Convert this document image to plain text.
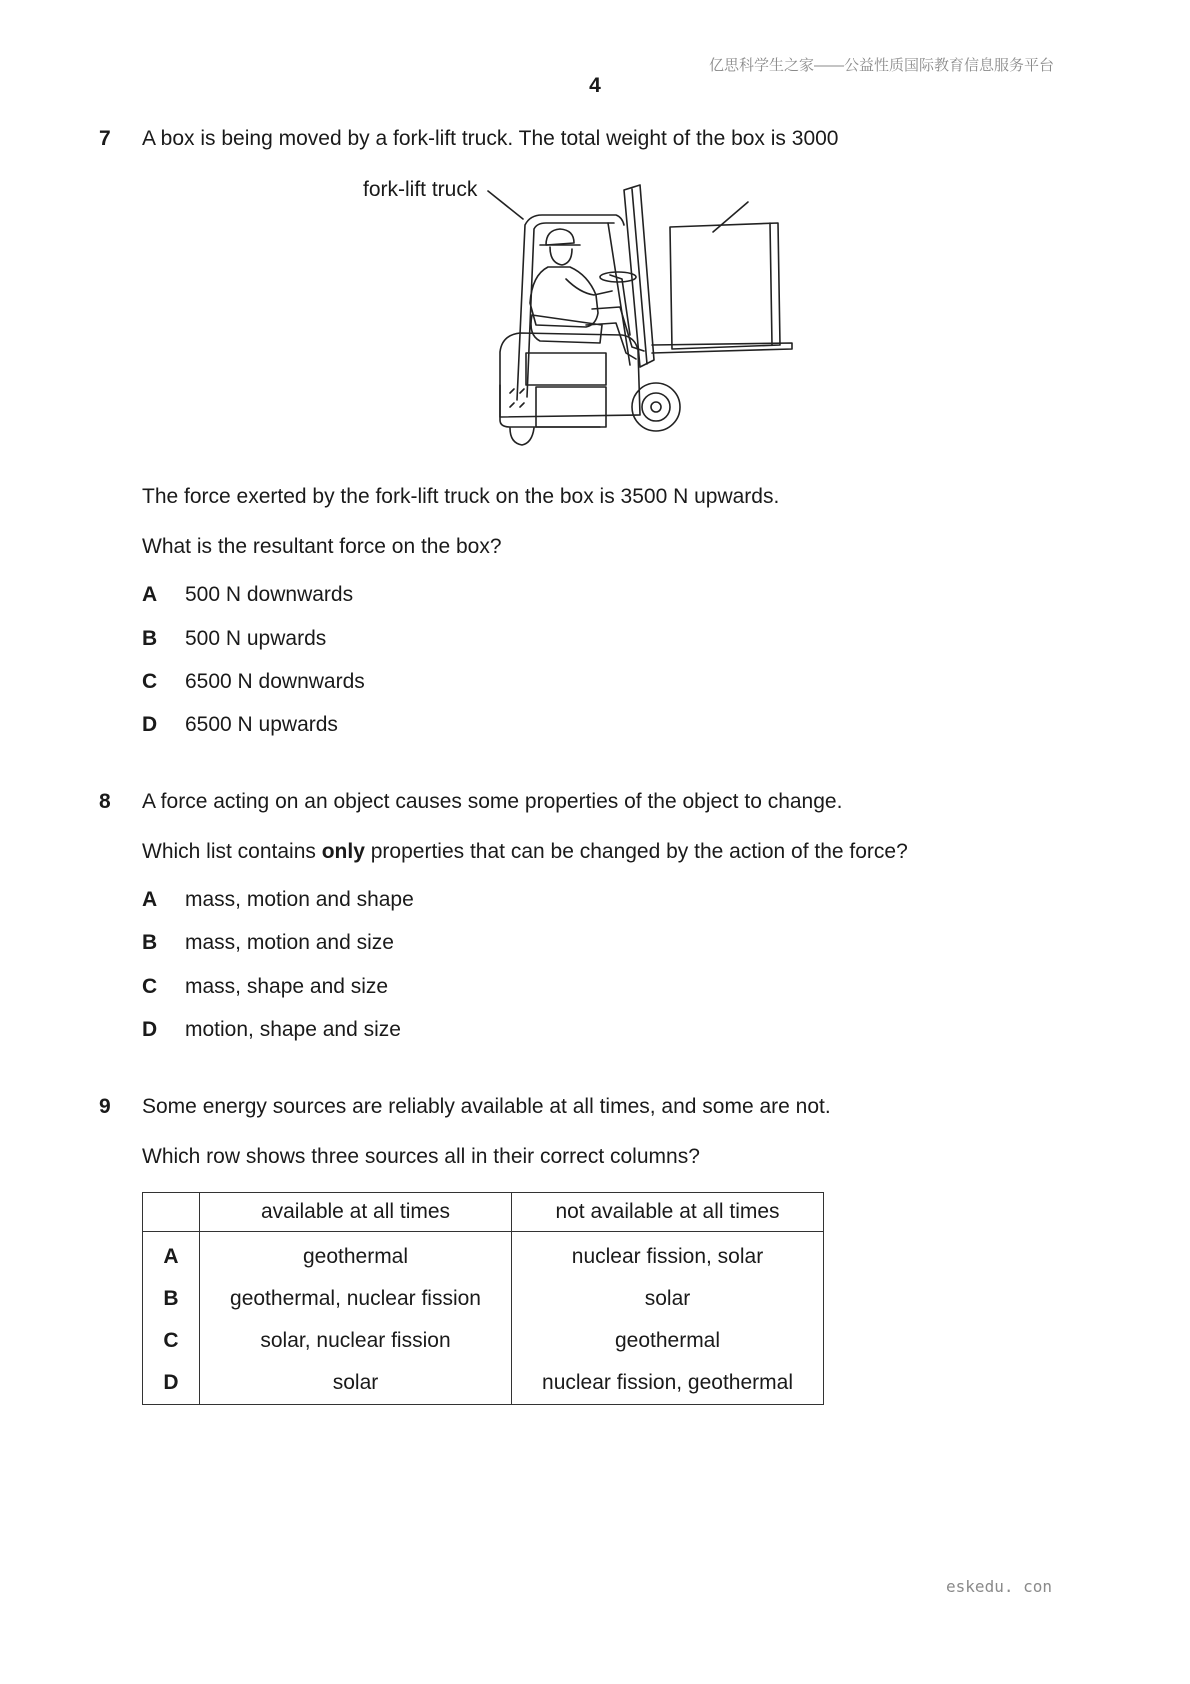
亿思科学生之家——公益性质国际教育信息服务平台
4
7 A box is being moved by a fork-lift truck. The total weight of the box is 3000
fork-lift truck
The force exerted by the fork-lift truck on the box is 3500 N upwards.
What is the resultant force on the box?
A 500 N downwards
B 500 N upwards
C 6500 N downwards
D 6500 N upwards
8 A force acting on an object causes some properties of the object to change.
Which list contains only properties that can be changed by the action of the force?
A mass, motion and shape
B mass, motion and size
C mass, shape and size
D motion, shape and size
9 Some energy sources are reliably available at all times, and some are not.
Which row shows three sources all in their correct columns?
	available at all times	not available at all times
A	geothermal	nuclear fission, solar
B	geothermal, nuclear fission	solar
C	solar, nuclear fission	geothermal
D	solar	nuclear fission, geothermal
eskedu. con
